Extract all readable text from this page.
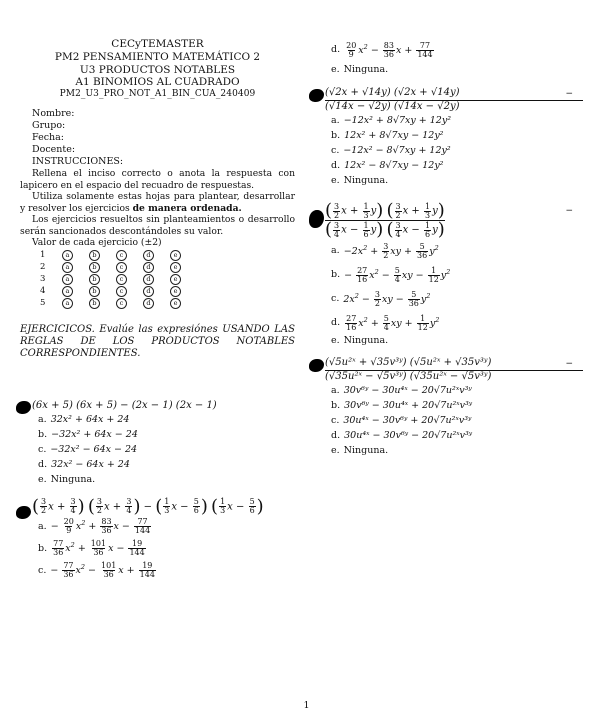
CECyTEMASTER
PM2 PENSAMIENTO MATEMÁTICO 2
U3 PRODUCTOS NOTABLES
A1 BINOMIOS AL CUADRADO
PM2_U3_PRO_NOT_A1_BIN_CUA_240409
Nombre:
Grupo:
Fecha:
Docente:
INSTRUCCIONES:

Rellena el inciso correcto o anota la respuesta con lapicero en el espacio del recuadro de respuestas.

Utiliza solamente estas hojas para plantear, desarrollar y resolver los ejercicios de manera ordenada.

Los ejercicios resueltos sin planteamientos o desarrollo serán sancionados descontándoles su valor.

Valor de cada ejercicio (±2)
1	a	b	c	d	e
2	a	b	c	d	e
3	a	b	c	d	e
4	a	b	c	d	e
5	a	b	c	d	e
EJERCICICOS. Evalúe las expresiónes USANDO LAS REGLAS DE LOS PRODUCTOS NOTABLES CORRESPONDIENTES.
(6x + 5) (6x + 5) − (2x − 1) (2x − 1)
a. 32x² + 64x + 24
b. −32x² + 64x − 24
c. −32x² − 64x − 24
d. 32x² − 64x + 24
e. Ninguna.
( $\frac{3}{2}$ $x + \frac{3}{4}$ ) ( $\frac{3}{2}$ $x + \frac{3}{4}$ ) − ( $\frac{1}{3}$ $x - \frac{5}{6}$ ) ( $\frac{1}{3}$ $x - \frac{5}{6}$ )
a. − $\frac{20}{9} x^2 + \frac{83}{36}$ $x - \frac{77}{144}$
b. $\frac{77}{36} x^2 + \frac{101}{36}$ $x - \frac{19}{144}$
c. − $\frac{77}{36} x^2 - \frac{101}{36}$ $x + \frac{19}{144}$
d. $\frac{20}{9} x^2 - \frac{83}{36}$ $x + \frac{77}{144}$
e. Ninguna.
−
(√2x + √14y) (√2x + √14y)
(√14x − √2y) (√14x − √2y)
a. −12x² + 8√7xy + 12y²
b. 12x² + 8√7xy − 12y²
c. −12x² − 8√7xy + 12y²
d. 12x² − 8√7xy − 12y²
e. Ninguna.
−
( $\frac{3}{2}$ $x + \frac{1}{3} y$) ( $\frac{3}{2}$ $x + \frac{1}{3} y$)
( $\frac{3}{4}$ $x - \frac{1}{6} y$) ( $\frac{3}{4}$ $x - \frac{1}{6} y$)
a. $-2x^2 + \frac{3}{2}$ xy + $\frac{5}{36} y^2$
b. − $\frac{27}{16} x^2 - \frac{5}{4}$ xy − $\frac{1}{12} y^2$
c. $2x^2 - \frac{3}{2}$ xy − $\frac{5}{36} y^2$
d. $\frac{27}{16} x^2 + \frac{5}{4}$ xy + $\frac{1}{12} y^2$
e. Ninguna.
−
(√5u²ˣ + √35v³ʸ) (√5u²ˣ + √35v³ʸ)
(√35u²ˣ − √5v³ʸ) (√35u²ˣ − √5v³ʸ)
a. 30v⁶ʸ − 30u⁴ˣ − 20√7u²ˣv³ʸ
b. 30v⁶ʸ − 30u⁴ˣ + 20√7u²ˣv³ʸ
c. 30u⁴ˣ − 30v⁶ʸ + 20√7u²ˣv³ʸ
d. 30u⁴ˣ − 30v⁶ʸ − 20√7u²ˣv³ʸ
e. Ninguna.
1
